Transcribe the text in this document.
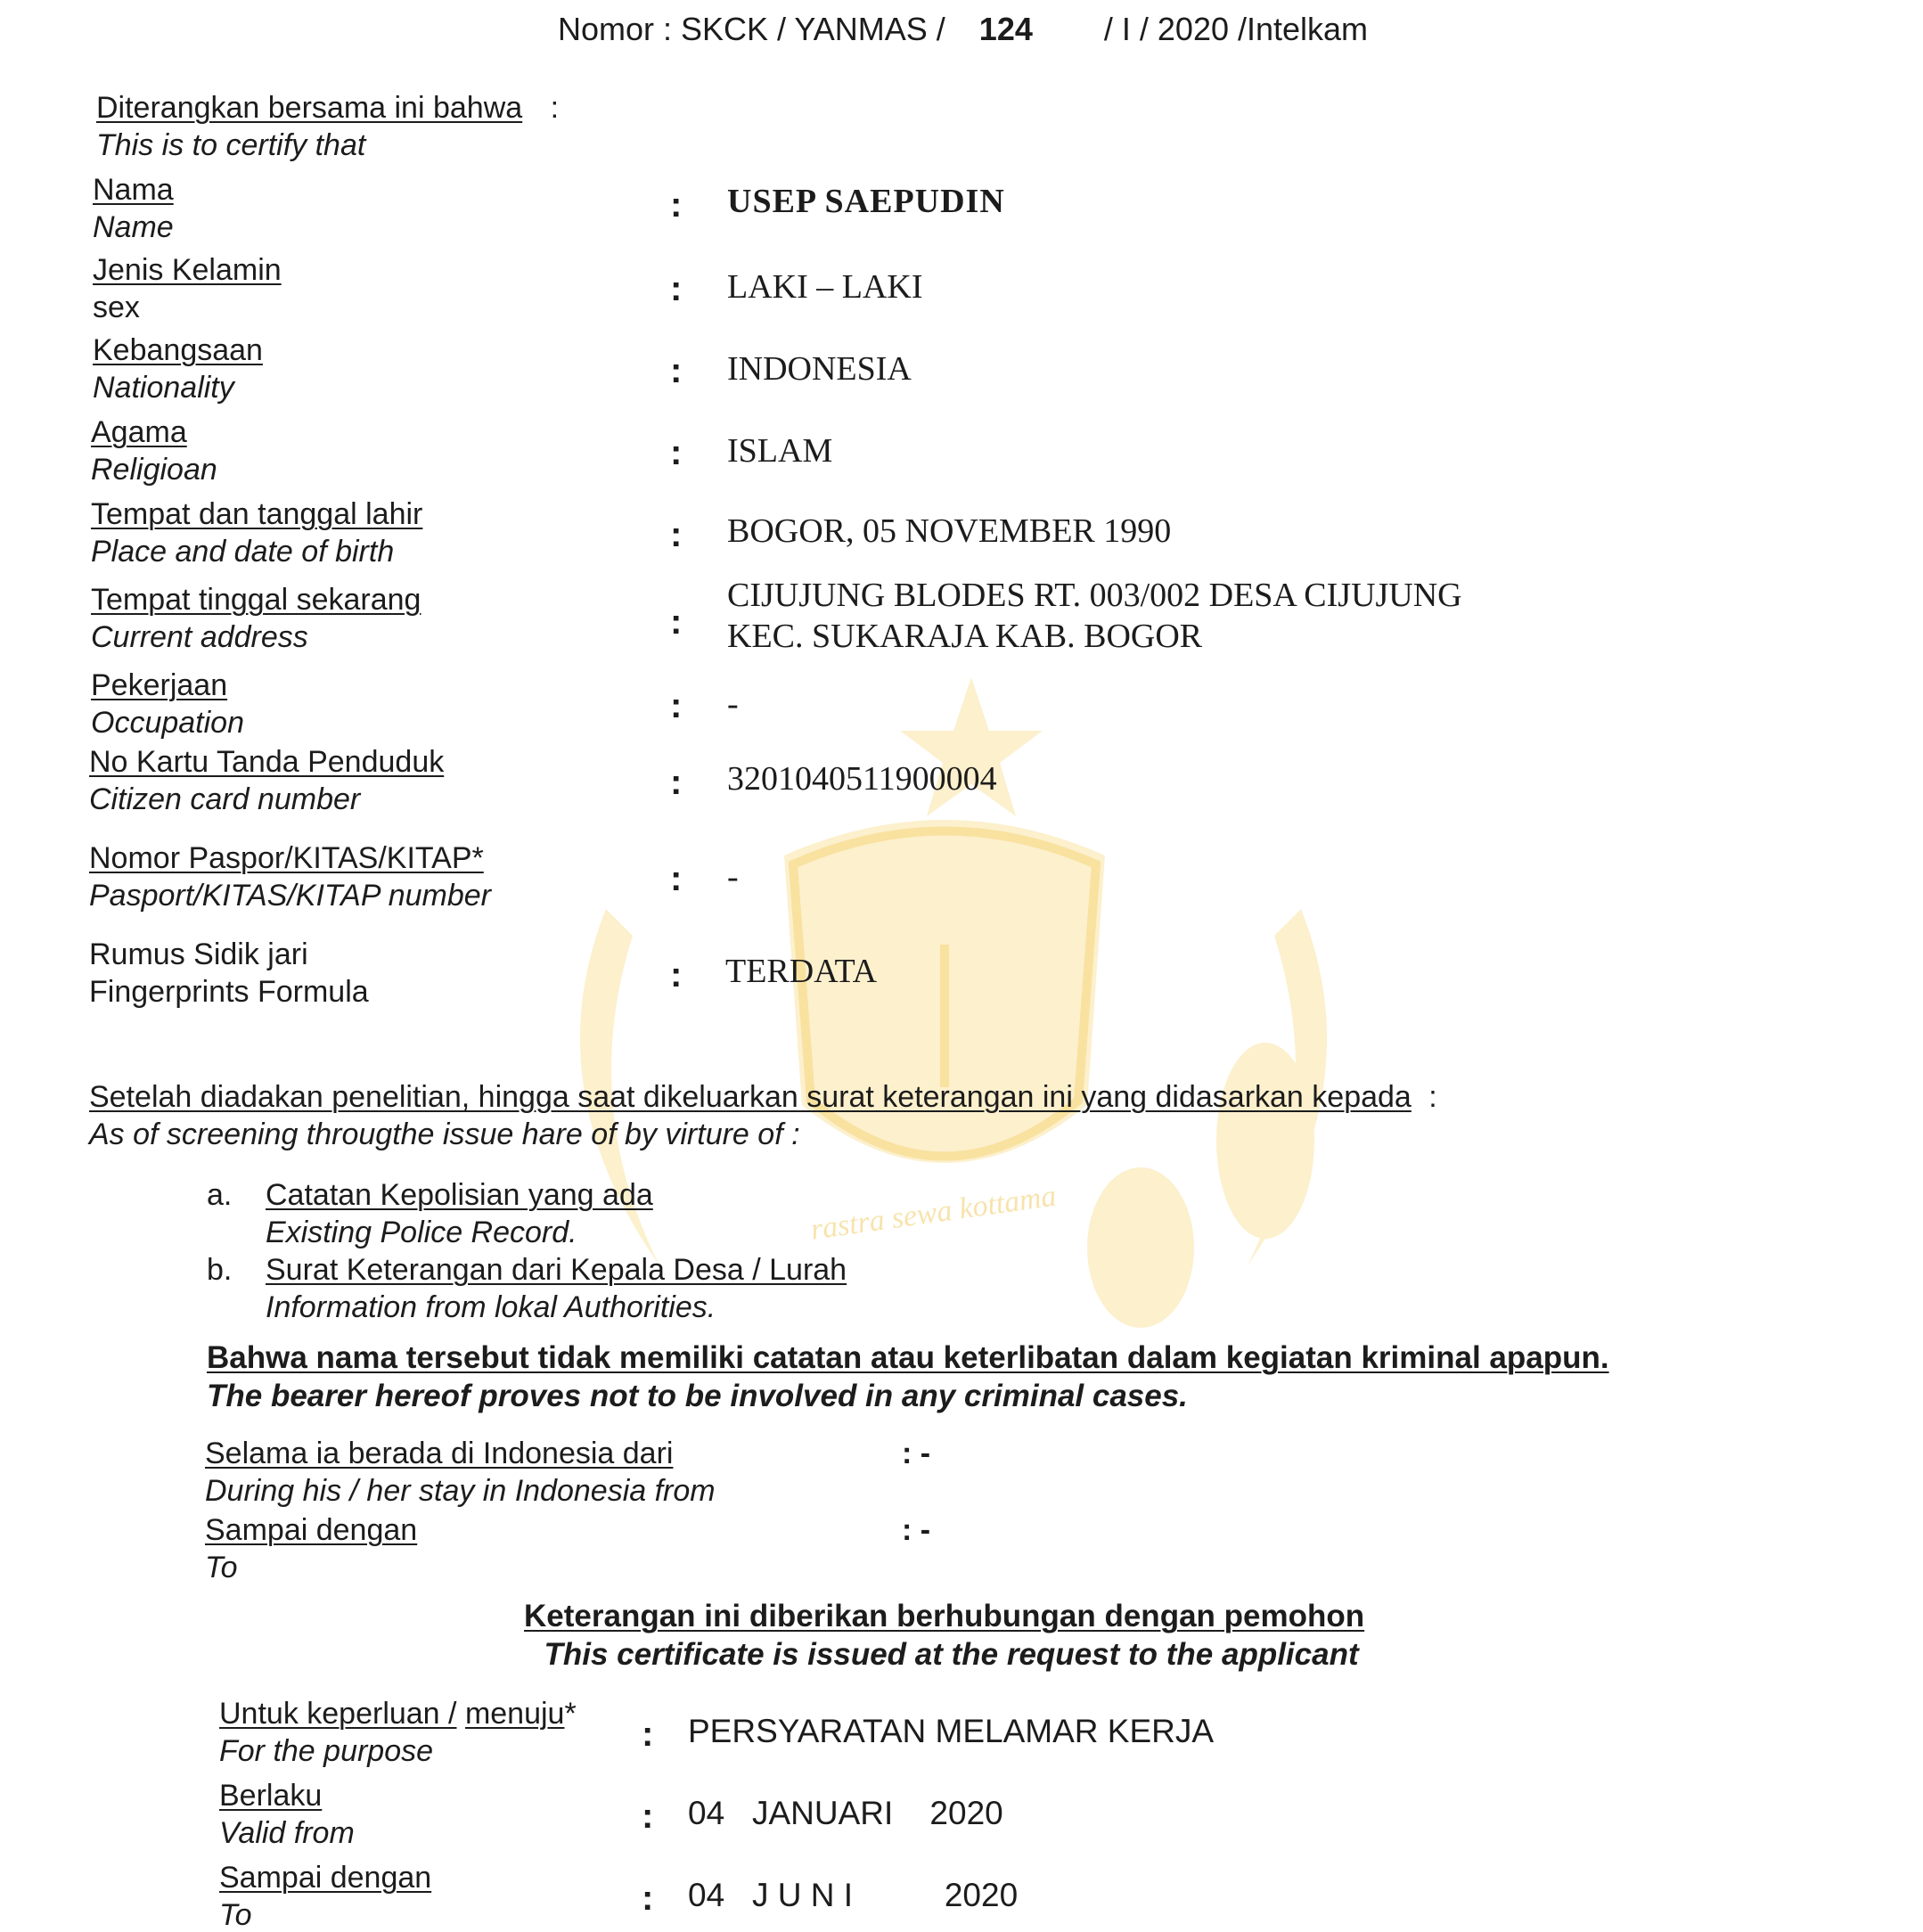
rastra sewa kottama
Nomor : SKCK / YANMAS / 124 / I / 2020 /Intelkam
Diterangkan bersama ini bahwa :
This is to certify that
Nama
Name
: USEP SAEPUDIN
Jenis Kelamin
sex	: LAKI – LAKI
Kebangsaan
Nationality	: INDONESIA
Agama
Religioan	: ISLAM
Tempat dan tanggal lahir
Place and date of birth	: BOGOR, 05 NOVEMBER 1990
Tempat tinggal sekarang
Current address	:
CIJUJUNG BLODES RT. 003/002 DESA CIJUJUNG
KEC. SUKARAJA KAB. BOGOR
Pekerjaan
Occupation	: -
No Kartu Tanda Penduduk
Citizen card number	: 3201040511900004
Nomor Paspor/KITAS/KITAP*
Pasport/KITAS/KITAP number	: -
Rumus Sidik jari
Fingerprints Formula	: TERDATA
Setelah diadakan penelitian, hingga saat dikeluarkan surat keterangan ini yang didasarkan kepada :
As of screening througthe issue hare of by virture of :
a. Catatan Kepolisian yang ada
Existing Police Record.
b. Surat Keterangan dari Kepala Desa / Lurah
Information from lokal Authorities.
Bahwa nama tersebut tidak memiliki catatan atau keterlibatan dalam kegiatan kriminal apapun.
The bearer hereof proves not to be involved in any criminal cases.
Selama ia berada di Indonesia dari
During his / her stay in Indonesia from
: -
Sampai dengan
To
: -
Keterangan ini diberikan berhubungan dengan pemohon
This certificate is issued at the request to the applicant
Untuk keperluan / menuju*
For the purpose	: PERSYARATAN MELAMAR KERJA
Berlaku
Valid from	: 04   JANUARI    2020
Sampai dengan
To	: 04   J U N I          2020
